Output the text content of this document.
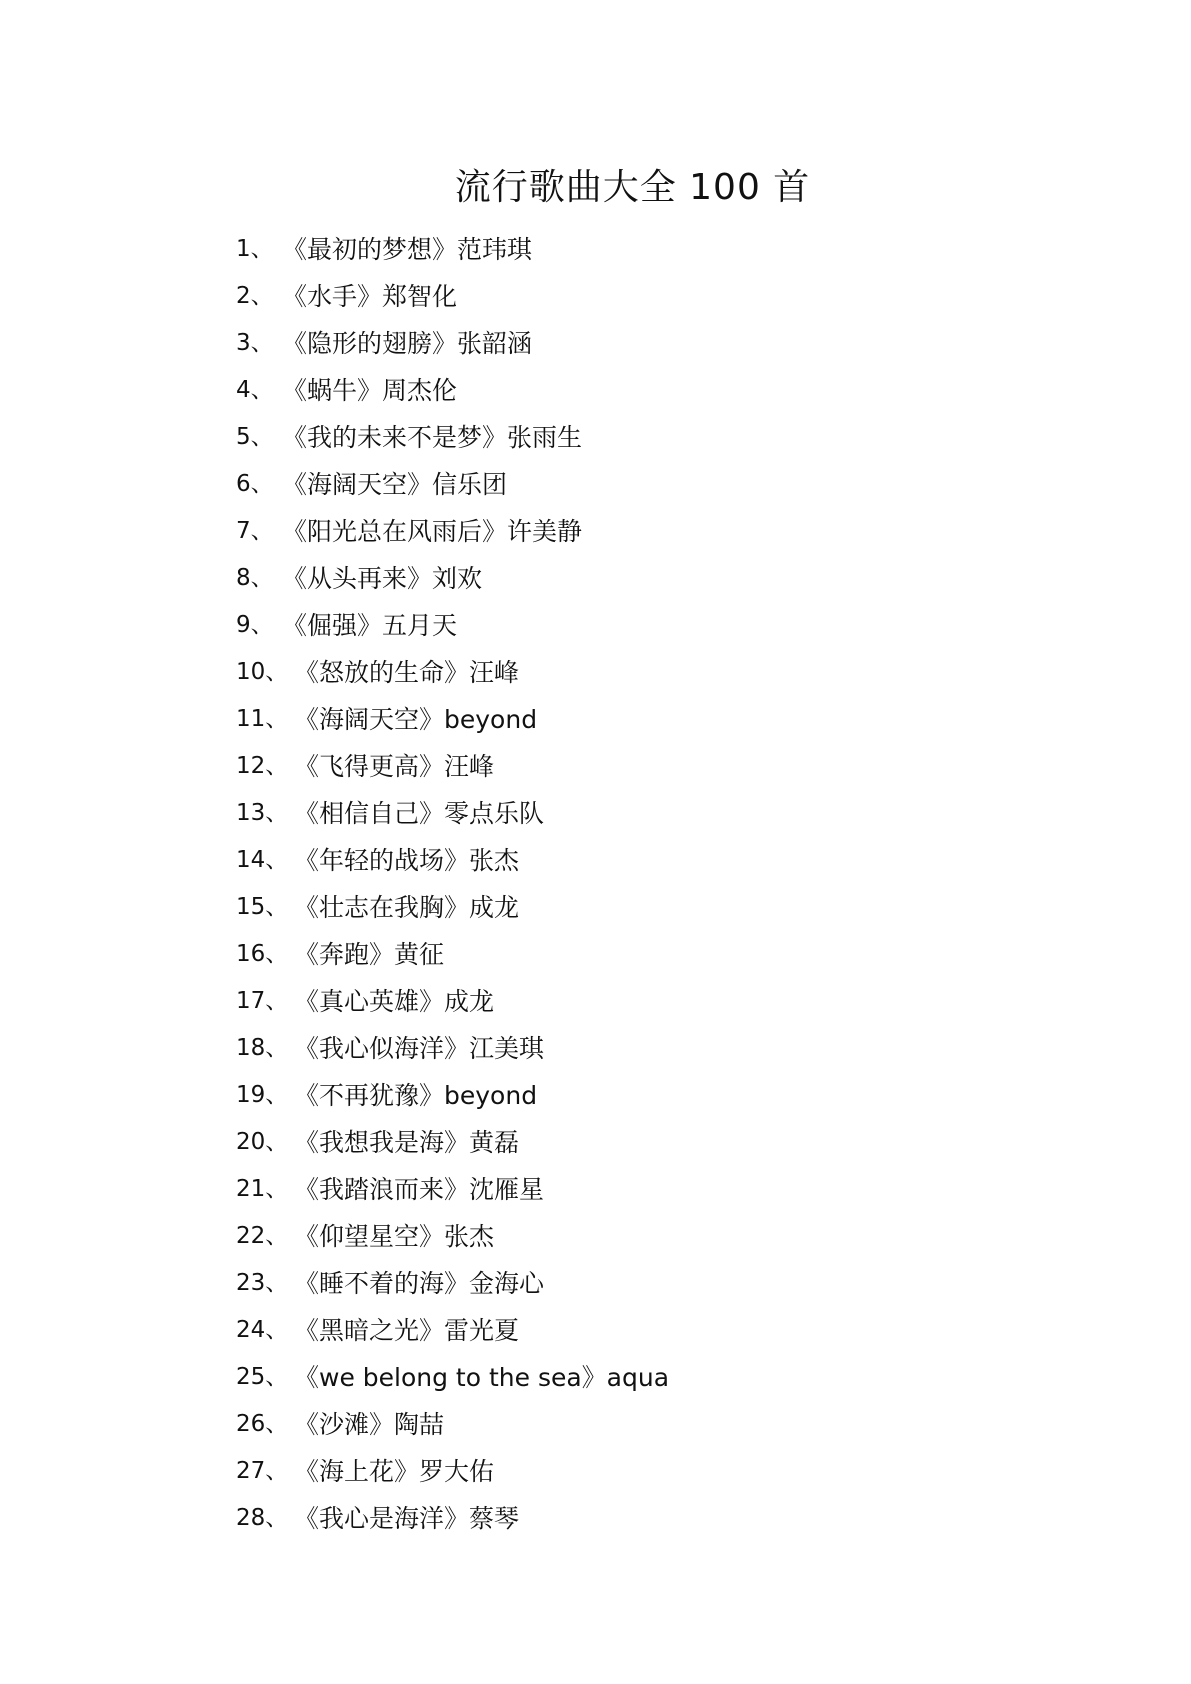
流行歌曲大全 100 首
1、 《最初的梦想》 范玮琪
2、 《水手》 郑智化
3、 《隐形的翅膀》 张韶涵
4、 《蜗牛》 周杰伦
5、 《我的未来不是梦》 张雨生
6、 《海阔天空》 信乐团
7、 《阳光总在风雨后》 许美静
8、 《从头再来》 刘欢
9、 《倔强》 五月天
10、 《怒放的生命》 汪峰
11、 《海阔天空》 beyond
12、 《飞得更高》 汪峰
13、 《相信自己》 零点乐队
14、 《年轻的战场》 张杰
15、 《壮志在我胸》 成龙
16、 《奔跑》 黄征
17、 《真心英雄》 成龙
18、 《我心似海洋》 江美琪
19、 《不再犹豫》 beyond
20、 《我想我是海》 黄磊
21、 《我踏浪而来》 沈雁星
22、 《仰望星空》 张杰
23、 《睡不着的海》 金海心
24、 《黑暗之光》 雷光夏
25、 《we belong to the sea》 aqua
26、 《沙滩》 陶喆
27、 《海上花》 罗大佑
28、 《我心是海洋》 蔡琴
